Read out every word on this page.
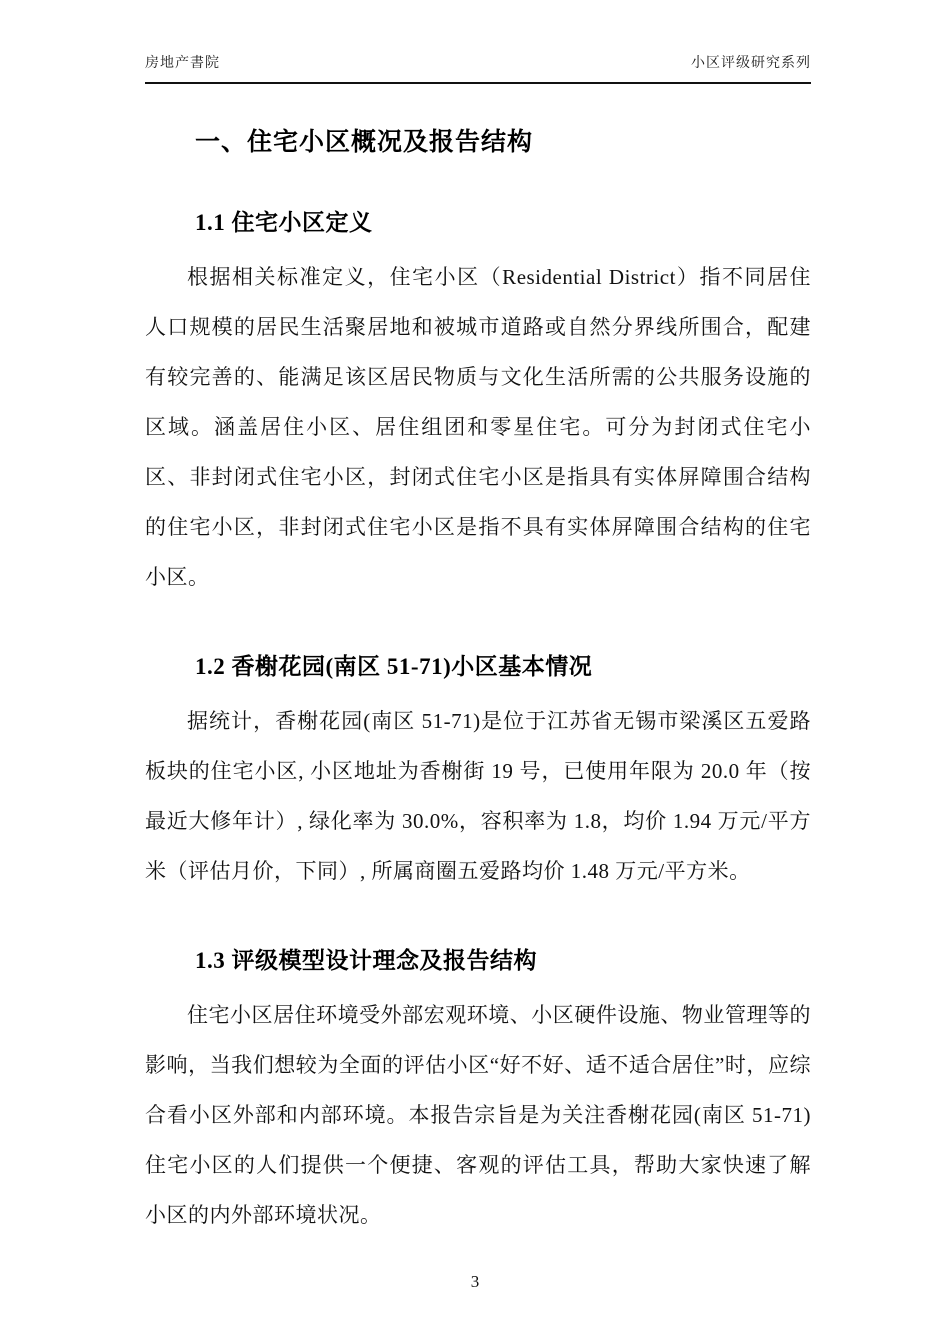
房地产書院	小区评级研究系列
一、住宅小区概况及报告结构
1.1 住宅小区定义

根据相关标准定义，住宅小区（Residential District）指不同居住人口规模的居民生活聚居地和被城市道路或自然分界线所围合，配建有较完善的、能满足该区居民物质与文化生活所需的公共服务设施的区域。涵盖居住小区、居住组团和零星住宅。可分为封闭式住宅小区、非封闭式住宅小区，封闭式住宅小区是指具有实体屏障围合结构的住宅小区，非封闭式住宅小区是指不具有实体屏障围合结构的住宅小区。

1.2 香榭花园(南区 51-71)小区基本情况

据统计，香榭花园(南区 51-71)是位于江苏省无锡市梁溪区五爱路板块的住宅小区, 小区地址为香榭街 19 号，已使用年限为 20.0 年（按最近大修年计）, 绿化率为 30.0%，容积率为 1.8，均价 1.94 万元/平方米（评估月价，下同）, 所属商圈五爱路均价 1.48 万元/平方米。

1.3 评级模型设计理念及报告结构

住宅小区居住环境受外部宏观环境、小区硬件设施、物业管理等的影响，当我们想较为全面的评估小区“好不好、适不适合居住”时，应综合看小区外部和内部环境。本报告宗旨是为关注香榭花园(南区 51-71)住宅小区的人们提供一个便捷、客观的评估工具，帮助大家快速了解小区的内外部环境状况。

3
